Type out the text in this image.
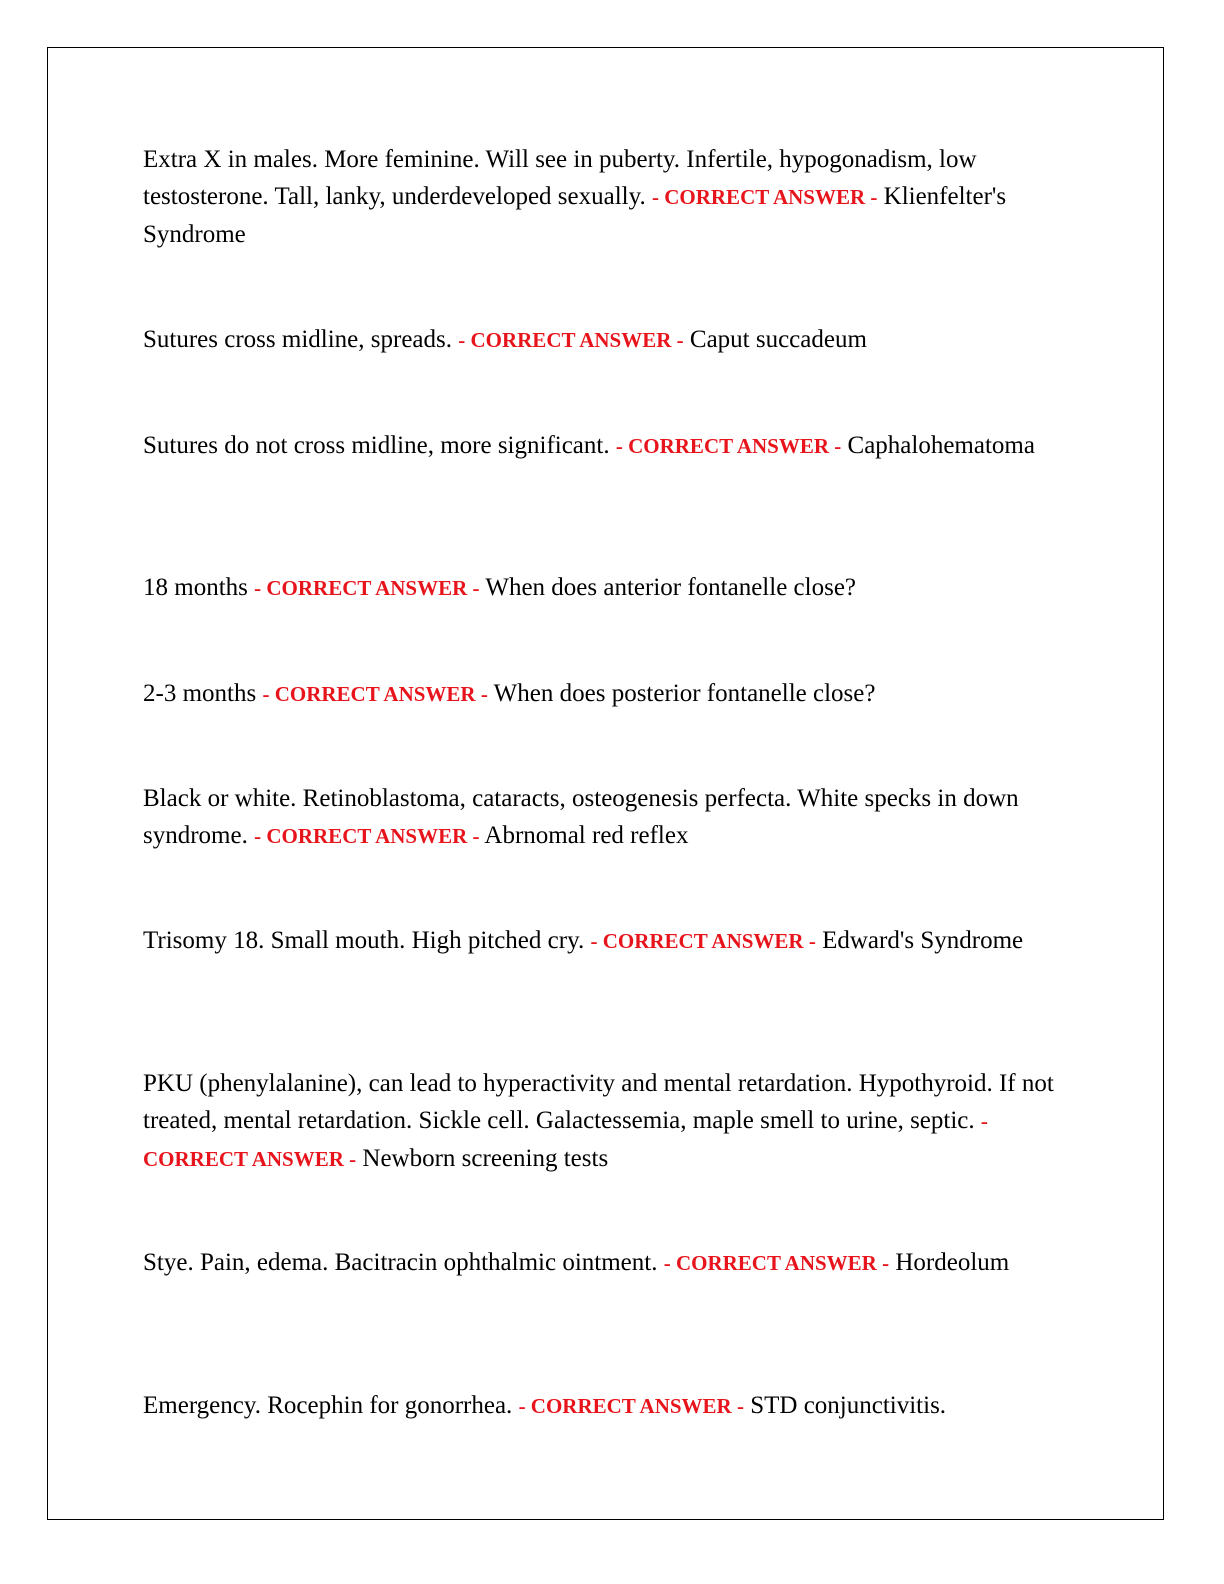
Extra X in males. More feminine. Will see in puberty. Infertile, hypogonadism, low testosterone. Tall, lanky, underdeveloped sexually. - CORRECT ANSWER - Klienfelter's Syndrome

Sutures cross midline, spreads. - CORRECT ANSWER - Caput succadeum

Sutures do not cross midline, more significant. - CORRECT ANSWER - Caphalohematoma

18 months - CORRECT ANSWER - When does anterior fontanelle close?

2-3 months - CORRECT ANSWER - When does posterior fontanelle close?

Black or white. Retinoblastoma, cataracts, osteogenesis perfecta. White specks in down syndrome. - CORRECT ANSWER - Abrnomal red reflex

Trisomy 18. Small mouth. High pitched cry. - CORRECT ANSWER - Edward's Syndrome

PKU (phenylalanine), can lead to hyperactivity and mental retardation. Hypothyroid. If not treated, mental retardation. Sickle cell. Galactessemia, maple smell to urine, septic. - CORRECT ANSWER - Newborn screening tests

Stye. Pain, edema. Bacitracin ophthalmic ointment. - CORRECT ANSWER - Hordeolum

Emergency. Rocephin for gonorrhea. - CORRECT ANSWER - STD conjunctivitis.
